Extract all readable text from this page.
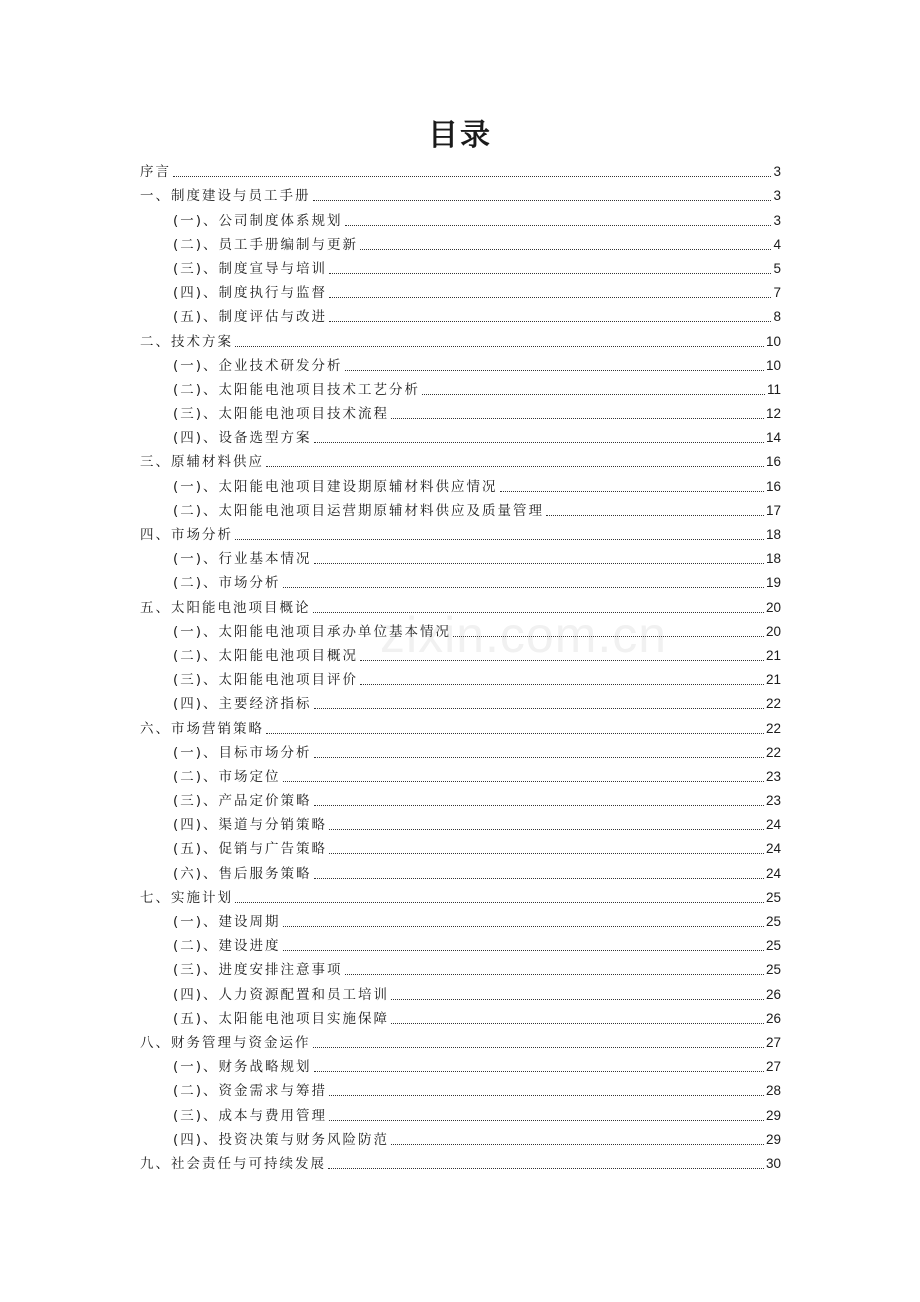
目录
序言	3
一、制度建设与员工手册	3
(一)、公司制度体系规划	3
(二)、员工手册编制与更新	4
(三)、制度宣导与培训	5
(四)、制度执行与监督	7
(五)、制度评估与改进	8
二、技术方案	10
(一)、企业技术研发分析	10
(二)、太阳能电池项目技术工艺分析	11
(三)、太阳能电池项目技术流程	12
(四)、设备选型方案	14
三、原辅材料供应	16
(一)、太阳能电池项目建设期原辅材料供应情况	16
(二)、太阳能电池项目运营期原辅材料供应及质量管理	17
四、市场分析	18
(一)、行业基本情况	18
(二)、市场分析	19
五、太阳能电池项目概论	20
(一)、太阳能电池项目承办单位基本情况	20
(二)、太阳能电池项目概况	21
(三)、太阳能电池项目评价	21
(四)、主要经济指标	22
六、市场营销策略	22
(一)、目标市场分析	22
(二)、市场定位	23
(三)、产品定价策略	23
(四)、渠道与分销策略	24
(五)、促销与广告策略	24
(六)、售后服务策略	24
七、实施计划	25
(一)、建设周期	25
(二)、建设进度	25
(三)、进度安排注意事项	25
(四)、人力资源配置和员工培训	26
(五)、太阳能电池项目实施保障	26
八、财务管理与资金运作	27
(一)、财务战略规划	27
(二)、资金需求与筹措	28
(三)、成本与费用管理	29
(四)、投资决策与财务风险防范	29
九、社会责任与可持续发展	30
zixin.com.cn
